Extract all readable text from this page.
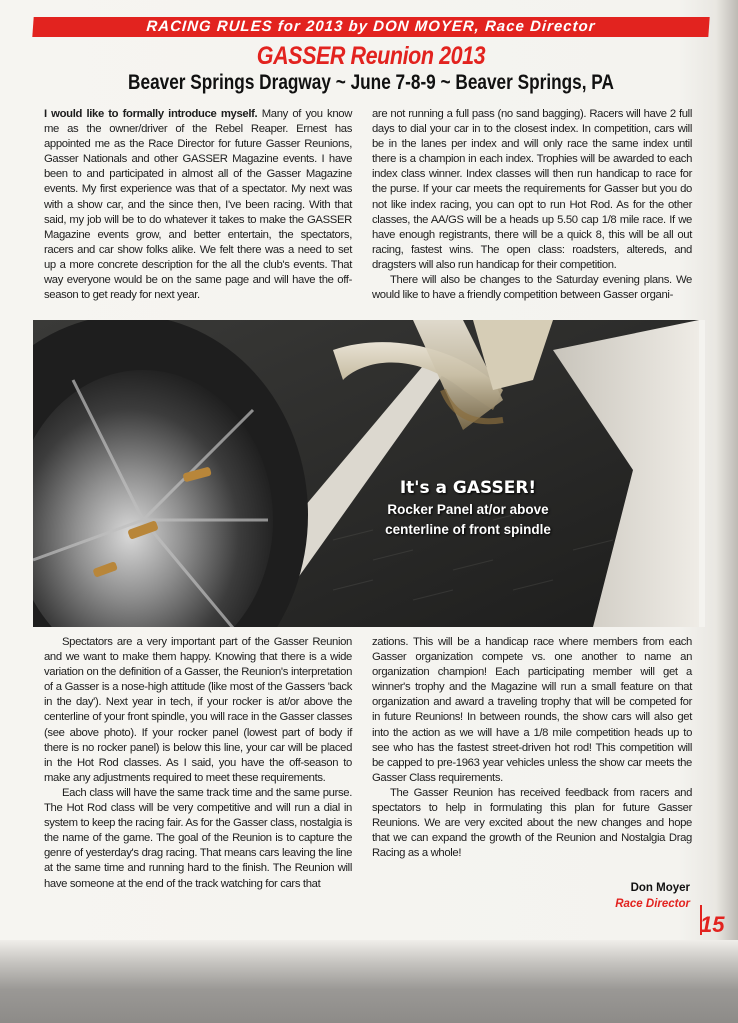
RACING RULES for 2013 by DON MOYER, Race Director
GASSER Reunion 2013
Beaver Springs Dragway ~ June 7-8-9 ~ Beaver Springs, PA

I would like to formally introduce myself. Many of you know me as the owner/driver of the Rebel Reaper. Ernest has appointed me as the Race Director for future Gasser Reunions, Gasser Nationals and other GASSER Magazine events. I have been to and participated in almost all of the Gasser Magazine events. My first experience was that of a spectator. My next was with a show car, and the since then, I've been racing. With that said, my job will be to do whatever it takes to make the GASSER Magazine events grow, and better entertain, the spectators, racers and car show folks alike. We felt there was a need to set up a more concrete description for the all the club's events. That way everyone would be on the same page and will have the off-season to get ready for next year.

are not running a full pass (no sand bagging). Racers will have 2 full days to dial your car in to the closest index. In competition, cars will be in the lanes per index and will only race the same index until there is a champion in each index. Trophies will be awarded to each index class winner. Index classes will then run handicap to race for the purse. If your car meets the requirements for Gasser but you do not like index racing, you can opt to run Hot Rod. As for the other classes, the AA/GS will be a heads up 5.50 cap 1/8 mile race. If we have enough registrants, there will be a quick 8, this will be all out racing, fastest wins. The open class: roadsters, altereds, and dragsters will also run handicap for their competition.

There will also be changes to the Saturday evening plans. We would like to have a friendly competition between Gasser organi-

It's a GASSER!
Rocker Panel at/or above
centerline of front spindle

Spectators are a very important part of the Gasser Reunion and we want to make them happy. Knowing that there is a wide variation on the definition of a Gasser, the Reunion's interpretation of a Gasser is a nose-high attitude (like most of the Gassers 'back in the day'). Next year in tech, if your rocker is at/or above the centerline of your front spindle, you will race in the Gasser classes (see above photo). If your rocker panel (lowest part of body if there is no rocker panel) is below this line, your car will be placed in the Hot Rod classes. As I said, you have the off-season to make any adjustments required to meet these requirements.

Each class will have the same track time and the same purse. The Hot Rod class will be very competitive and will run a dial in system to keep the racing fair. As for the Gasser class, nostalgia is the name of the game. The goal of the Reunion is to capture the genre of yesterday's drag racing. That means cars leaving the line at the same time and running hard to the finish. The Reunion will have someone at the end of the track watching for cars that

zations. This will be a handicap race where members from each Gasser organization compete vs. one another to name an organization champion! Each participating member will get a winner's trophy and the Magazine will run a small feature on that organization and award a traveling trophy that will be competed for in future Reunions! In between rounds, the show cars will also get into the action as we will have a 1/8 mile competition heads up to see who has the fastest street-driven hot rod! This competition will be capped to pre-1963 year vehicles unless the show car meets the Gasser Class requirements.

The Gasser Reunion has received feedback from racers and spectators to help in formulating this plan for future Gasser Reunions. We are very excited about the new changes and hope that we can expand the growth of the Reunion and Nostalgia Drag Racing as a whole!

Don Moyer
Race Director
15
